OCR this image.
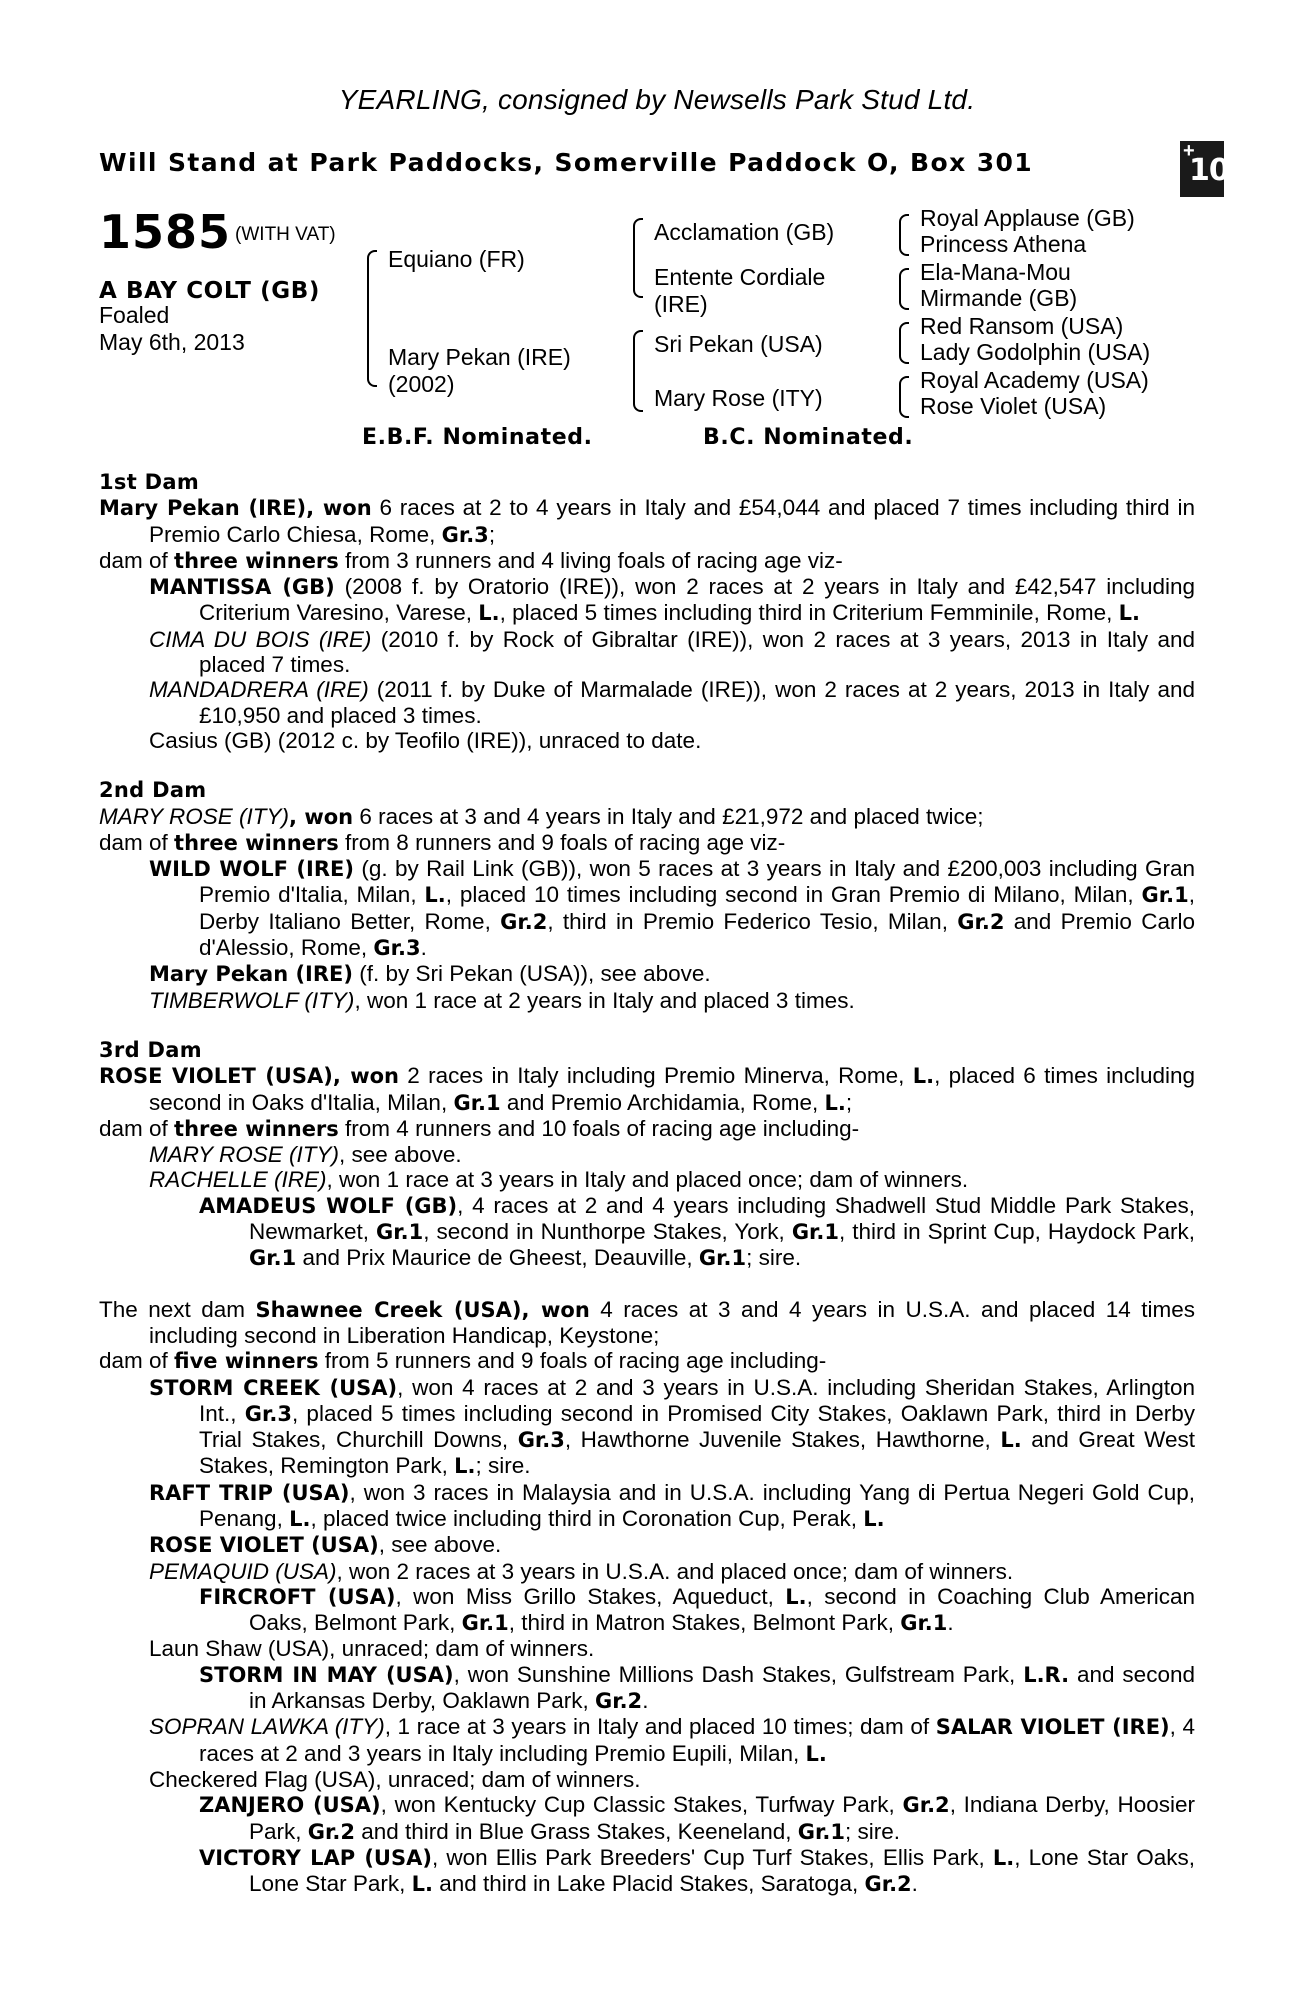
YEARLING, consigned by Newsells Park Stud Ltd.
Will Stand at Park Paddocks, Somerville Paddock O, Box 301	+
10
1585 (WITH VAT)
A BAY COLT (GB)
Foaled
May 6th, 2013
Equiano (FR)
Mary Pekan (IRE)
(2002)
Acclamation (GB)
Entente Cordiale
(IRE)
Sri Pekan (USA)
Mary Rose (ITY)
Royal Applause (GB)
Princess Athena
Ela-Mana-Mou
Mirmande (GB)
Red Ransom (USA)
Lady Godolphin (USA)
Royal Academy (USA)
Rose Violet (USA)
E.B.F. Nominated.	B.C. Nominated.

1st Dam

Mary Pekan (IRE), won 6 races at 2 to 4 years in Italy and £54,044 and placed 7 times including third in Premio Carlo Chiesa, Rome, Gr.3;

dam of three winners from 3 runners and 4 living foals of racing age viz-

MANTISSA (GB) (2008 f. by Oratorio (IRE)), won 2 races at 2 years in Italy and £42,547 including Criterium Varesino, Varese, L., placed 5 times including third in Criterium Femminile, Rome, L.

CIMA DU BOIS (IRE) (2010 f. by Rock of Gibraltar (IRE)), won 2 races at 3 years, 2013 in Italy and placed 7 times.

MANDADRERA (IRE) (2011 f. by Duke of Marmalade (IRE)), won 2 races at 2 years, 2013 in Italy and £10,950 and placed 3 times.

Casius (GB) (2012 c. by Teofilo (IRE)), unraced to date.

2nd Dam

MARY ROSE (ITY), won 6 races at 3 and 4 years in Italy and £21,972 and placed twice;

dam of three winners from 8 runners and 9 foals of racing age viz-

WILD WOLF (IRE) (g. by Rail Link (GB)), won 5 races at 3 years in Italy and £200,003 including Gran Premio d'Italia, Milan, L., placed 10 times including second in Gran Premio di Milano, Milan, Gr.1, Derby Italiano Better, Rome, Gr.2, third in Premio Federico Tesio, Milan, Gr.2 and Premio Carlo d'Alessio, Rome, Gr.3.

Mary Pekan (IRE) (f. by Sri Pekan (USA)), see above.

TIMBERWOLF (ITY), won 1 race at 2 years in Italy and placed 3 times.

3rd Dam

ROSE VIOLET (USA), won 2 races in Italy including Premio Minerva, Rome, L., placed 6 times including second in Oaks d'Italia, Milan, Gr.1 and Premio Archidamia, Rome, L.;

dam of three winners from 4 runners and 10 foals of racing age including-

MARY ROSE (ITY), see above.

RACHELLE (IRE), won 1 race at 3 years in Italy and placed once; dam of winners.

AMADEUS WOLF (GB), 4 races at 2 and 4 years including Shadwell Stud Middle Park Stakes, Newmarket, Gr.1, second in Nunthorpe Stakes, York, Gr.1, third in Sprint Cup, Haydock Park, Gr.1 and Prix Maurice de Gheest, Deauville, Gr.1; sire.

The next dam Shawnee Creek (USA), won 4 races at 3 and 4 years in U.S.A. and placed 14 times including second in Liberation Handicap, Keystone;

dam of five winners from 5 runners and 9 foals of racing age including-

STORM CREEK (USA), won 4 races at 2 and 3 years in U.S.A. including Sheridan Stakes, Arlington Int., Gr.3, placed 5 times including second in Promised City Stakes, Oaklawn Park, third in Derby Trial Stakes, Churchill Downs, Gr.3, Hawthorne Juvenile Stakes, Hawthorne, L. and Great West Stakes, Remington Park, L.; sire.

RAFT TRIP (USA), won 3 races in Malaysia and in U.S.A. including Yang di Pertua Negeri Gold Cup, Penang, L., placed twice including third in Coronation Cup, Perak, L.

ROSE VIOLET (USA), see above.

PEMAQUID (USA), won 2 races at 3 years in U.S.A. and placed once; dam of winners.

FIRCROFT (USA), won Miss Grillo Stakes, Aqueduct, L., second in Coaching Club American Oaks, Belmont Park, Gr.1, third in Matron Stakes, Belmont Park, Gr.1.

Laun Shaw (USA), unraced; dam of winners.

STORM IN MAY (USA), won Sunshine Millions Dash Stakes, Gulfstream Park, L.R. and second in Arkansas Derby, Oaklawn Park, Gr.2.

SOPRAN LAWKA (ITY), 1 race at 3 years in Italy and placed 10 times; dam of SALAR VIOLET (IRE), 4 races at 2 and 3 years in Italy including Premio Eupili, Milan, L.

Checkered Flag (USA), unraced; dam of winners.

ZANJERO (USA), won Kentucky Cup Classic Stakes, Turfway Park, Gr.2, Indiana Derby, Hoosier Park, Gr.2 and third in Blue Grass Stakes, Keeneland, Gr.1; sire.

VICTORY LAP (USA), won Ellis Park Breeders' Cup Turf Stakes, Ellis Park, L., Lone Star Oaks, Lone Star Park, L. and third in Lake Placid Stakes, Saratoga, Gr.2.
